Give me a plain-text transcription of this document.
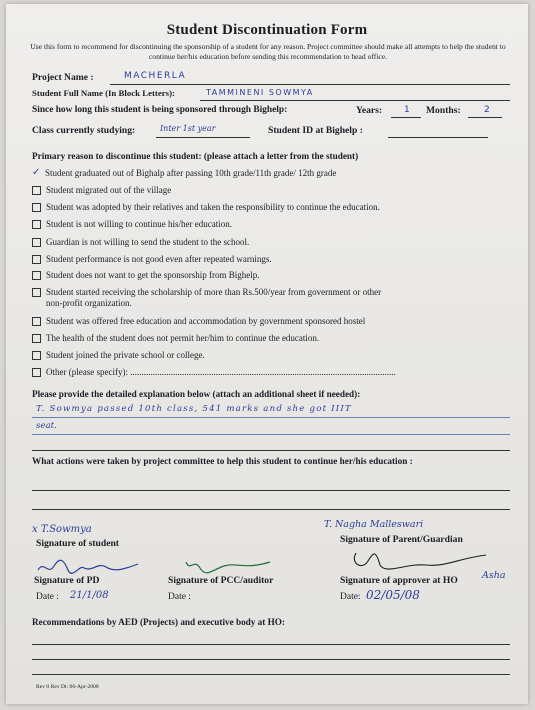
Student Discontinuation Form
Use this form to recommend for discontinuing the sponsorship of a student for any reason. Project committee should make all attempts to help the student to continue her/his education before sending this recommendation to head office.
Project Name :	MACHERLA
Student Full Name (In Block Letters):	TAMMINENI SOWMYA
Since how long this student is being sponsored through Bighelp:	Years: 1 Months:	2
Class currently studying:	Inter 1st year	Student ID at Bighelp :
Primary reason to discontinue this student: (please attach a letter from the student)
✓ Student graduated out of Bighalp after passing 10th grade/11th grade/ 12th grade
Student migrated out of the village
Student was adopted by their relatives and taken the responsibility to continue the education.
Student is not willing to continue his/her education.
Guardian is not willing to send the student to the school.
Student performance is not good even after repeated warnings.
Student does not want to get the sponsorship from Bighelp.
Student started receiving the scholarship of more than Rs.500/year from government or other
non-profit organization.
Student was offered free education and accommodation by government sponsored hostel
The health of the student does not permit her/him to continue the education.
Student joined the private school or college.
Other (please specify): ......................................................................................................................
Please provide the detailed explanation below (attach an additional sheet if needed):
T. Sowmya passed 10th class, 541 marks and she got IIIT
seat.
What actions were taken by project committee to help this student to continue her/his education :
x T.Sowmya
Signature of student
T. Nagha Malleswari
Signature of Parent/Guardian
Signature of PD
Date : 21/1/08
Signature of PCC/auditor
Date :
Signature of approver at HO	Asha
Date: 02/05/08
Recommendations by AED (Projects) and executive body at HO:
Rev 0 Rev Dt: 06-Apr-2008
